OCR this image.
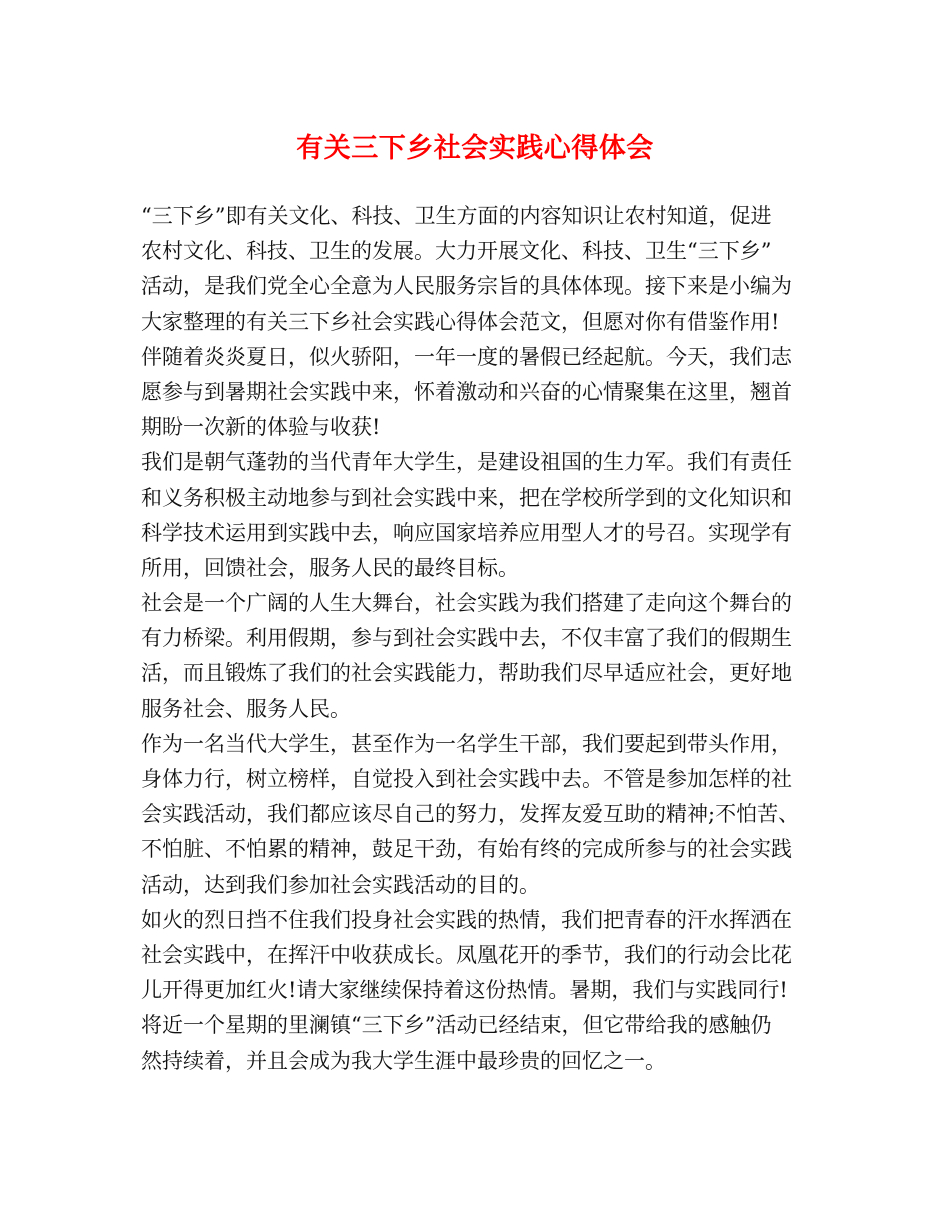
有关三下乡社会实践心得体会
“三下乡”即有关文化、科技、卫生方面的内容知识让农村知道，促进
农村文化、科技、卫生的发展。大力开展文化、科技、卫生“三下乡”
活动，是我们党全心全意为人民服务宗旨的具体体现。接下来是小编为
大家整理的有关三下乡社会实践心得体会范文，但愿对你有借鉴作用!
伴随着炎炎夏日，似火骄阳，一年一度的暑假已经起航。今天，我们志
愿参与到暑期社会实践中来，怀着激动和兴奋的心情聚集在这里，翘首
期盼一次新的体验与收获!
我们是朝气蓬勃的当代青年大学生，是建设祖国的生力军。我们有责任
和义务积极主动地参与到社会实践中来，把在学校所学到的文化知识和
科学技术运用到实践中去，响应国家培养应用型人才的号召。实现学有
所用，回馈社会，服务人民的最终目标。
社会是一个广阔的人生大舞台，社会实践为我们搭建了走向这个舞台的
有力桥梁。利用假期，参与到社会实践中去，不仅丰富了我们的假期生
活，而且锻炼了我们的社会实践能力，帮助我们尽早适应社会，更好地
服务社会、服务人民。
作为一名当代大学生，甚至作为一名学生干部，我们要起到带头作用，
身体力行，树立榜样，自觉投入到社会实践中去。不管是参加怎样的社
会实践活动，我们都应该尽自己的努力，发挥友爱互助的精神;不怕苦、
不怕脏、不怕累的精神，鼓足干劲，有始有终的完成所参与的社会实践
活动，达到我们参加社会实践活动的目的。
如火的烈日挡不住我们投身社会实践的热情，我们把青春的汗水挥洒在
社会实践中，在挥汗中收获成长。凤凰花开的季节，我们的行动会比花
儿开得更加红火!请大家继续保持着这份热情。暑期，我们与实践同行!
将近一个星期的里澜镇“三下乡”活动已经结束，但它带给我的感触仍
然持续着，并且会成为我大学生涯中最珍贵的回忆之一。
